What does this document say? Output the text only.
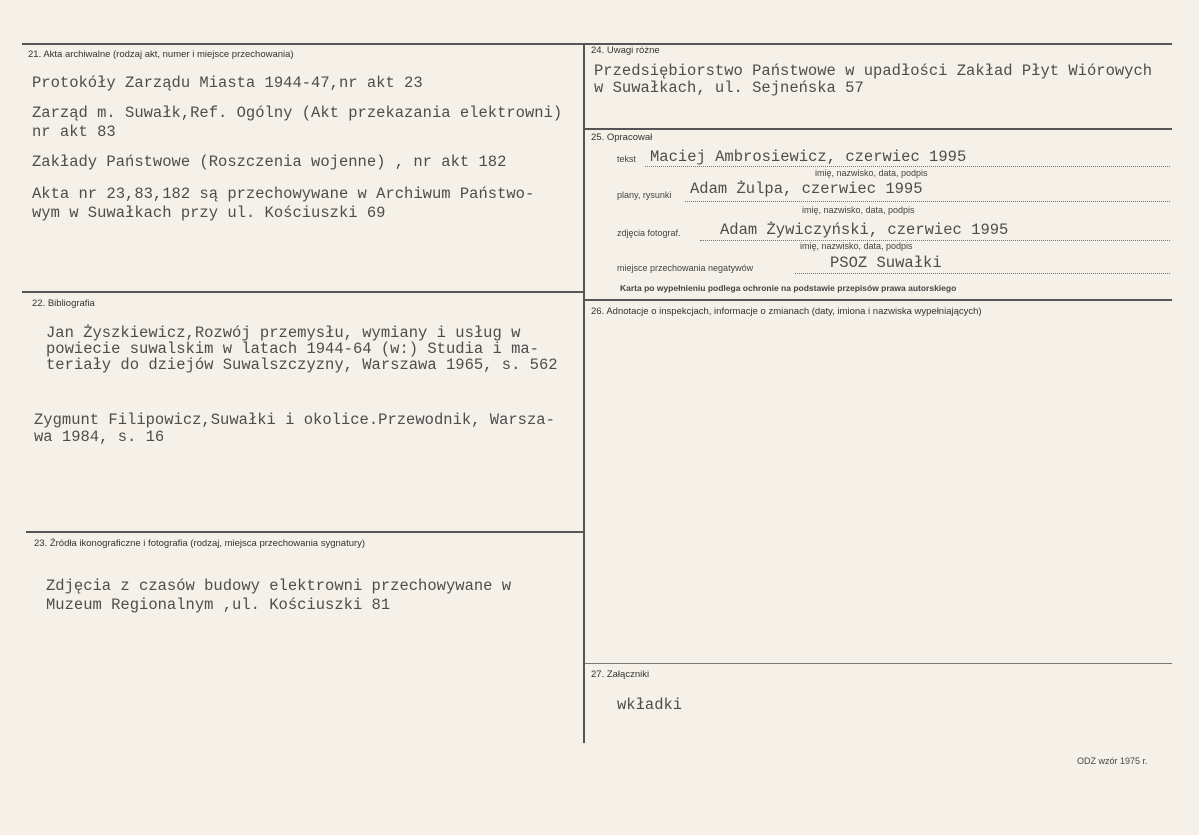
21. Akta archiwalne (rodzaj akt, numer i miejsce przechowania)
Protokóły Zarządu Miasta 1944-47,nr akt 23
Zarząd m. Suwałk,Ref. Ogólny (Akt przekazania elektrowni)
nr akt 83
Zakłady Państwowe (Roszczenia wojenne) , nr akt 182
Akta nr 23,83,182 są przechowywane w Archiwum Państwo-
wym w Suwałkach przy ul. Kościuszki 69
22. Bibliografia
Jan Żyszkiewicz,Rozwój przemysłu, wymiany i usług w
powiecie suwalskim w latach 1944-64 (w:) Studia i ma-
teriały do dziejów Suwalszczyzny, Warszawa 1965, s. 562
Zygmunt Filipowicz,Suwałki i okolice.Przewodnik, Warsza-
wa 1984, s. 16
23. Źródła ikonograficzne i fotografia (rodzaj, miejsca przechowania sygnatury)
Zdjęcia z czasów budowy elektrowni przechowywane w
Muzeum Regionalnym ,ul. Kościuszki 81
24. Uwagi różne
Przedsiębiorstwo Państwowe w upadłości Zakład Płyt Wiórowych
w Suwałkach, ul. Sejneńska 57
25. Opracował
tekst Maciej Ambrosiewicz, czerwiec 1995
imię, nazwisko, data, podpis
plany, rysunki Adam Żulpa, czerwiec 1995
imię, nazwisko, data, podpis
zdjęcia fotograf.	Adam Żywiczyński, czerwiec 1995
imię, nazwisko, data, podpis
miejsce przechowania negatywów	PSOZ Suwałki
Karta po wypełnieniu podlega ochronie na podstawie przepisów prawa autorskiego
26. Adnotacje o inspekcjach, informacje o zmianach (daty, imiona i nazwiska wypełniających)
27. Załączniki
wkładki
ODZ wzór 1975 r.
